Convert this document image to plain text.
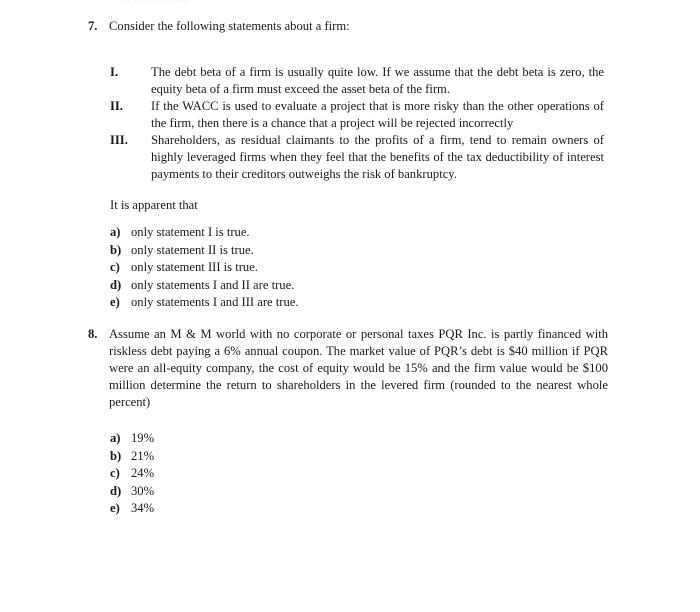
7. Consider the following statements about a firm:
I.	The debt beta of a firm is usually quite low. If we assume that the debt beta is zero, the equity beta of a firm must exceed the asset beta of the firm.
II.	If the WACC is used to evaluate a project that is more risky than the other operations of the firm, then there is a chance that a project will be rejected incorrectly
III.	Shareholders, as residual claimants to the profits of a firm, tend to remain owners of highly leveraged firms when they feel that the benefits of the tax deductibility of interest payments to their creditors outweighs the risk of bankruptcy.
It is apparent that
a) only statement I is true.
b) only statement II is true.
c) only statement III is true.
d) only statements I and II are true.
e) only statements I and III are true.
8. Assume an M & M world with no corporate or personal taxes PQR Inc. is partly financed with riskless debt paying a 6% annual coupon. The market value of PQR’s debt is $40 million if PQR were an all-equity company, the cost of equity would be 15% and the firm value would be $100 million determine the return to shareholders in the levered firm (rounded to the nearest whole percent)
a) 19%
b) 21%
c) 24%
d) 30%
e) 34%
